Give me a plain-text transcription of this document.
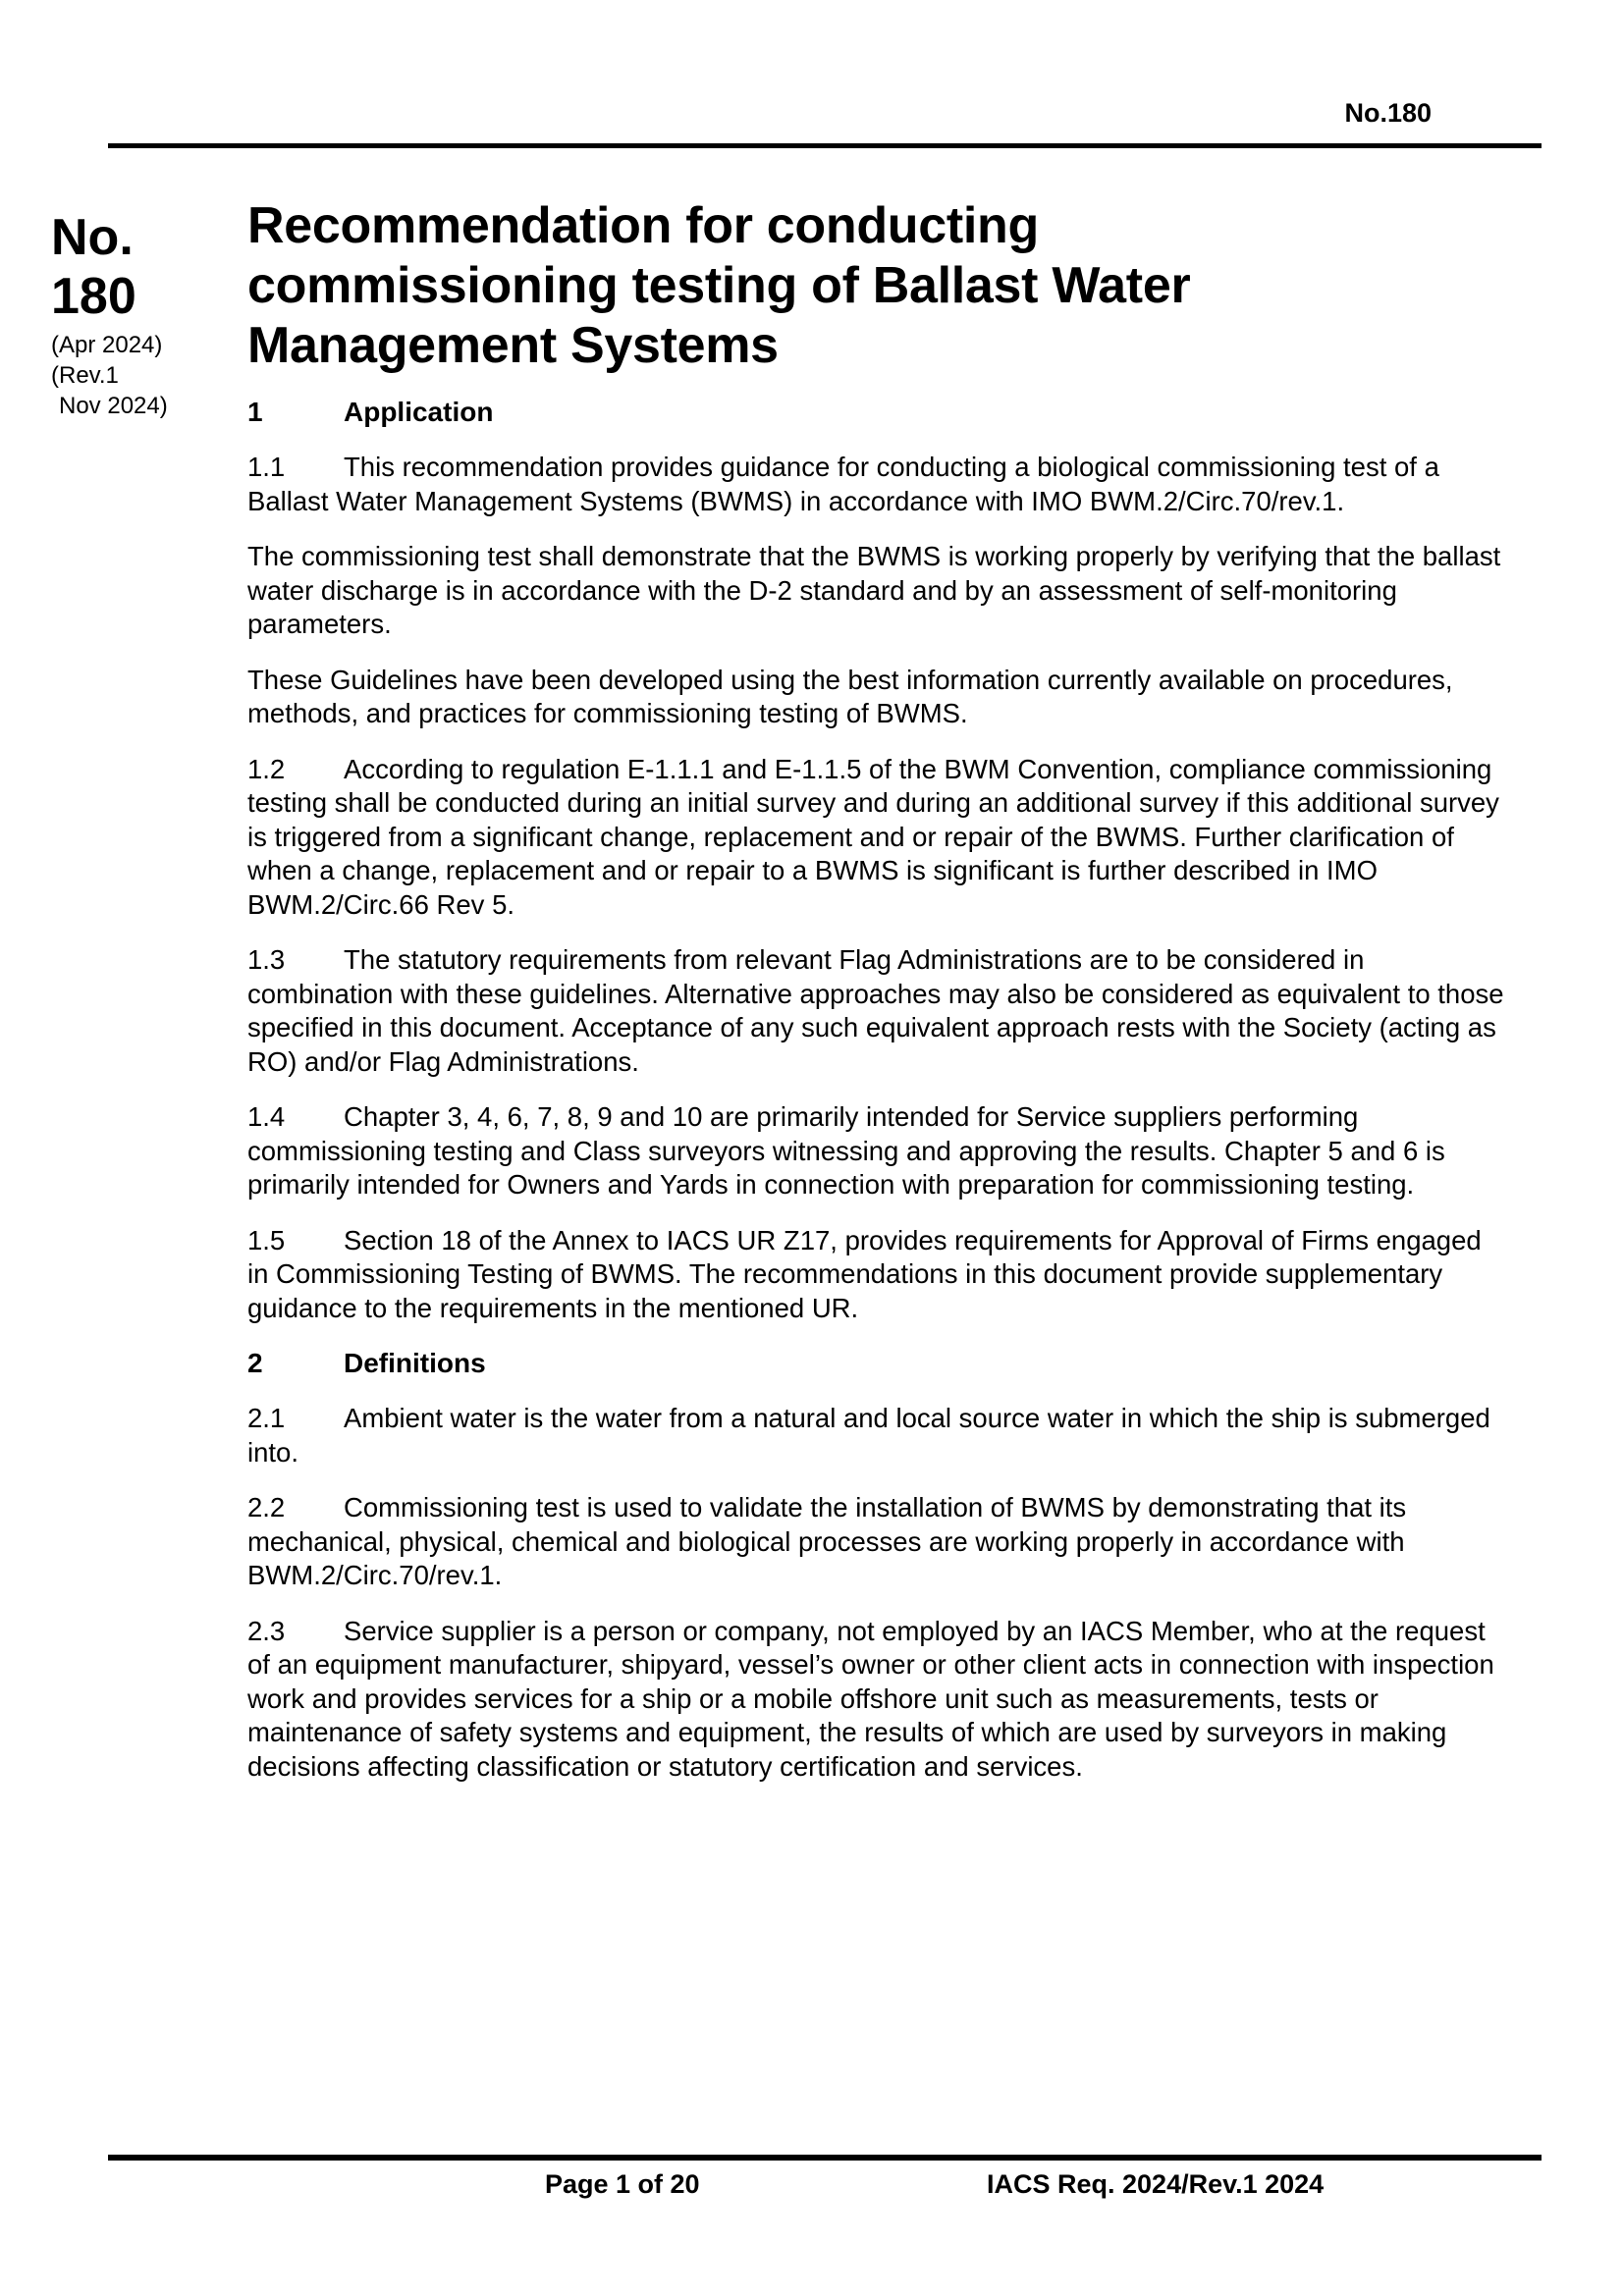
No.180
No.
180
(Apr 2024)
(Rev.1
Nov 2024)
Recommendation for conducting
commissioning testing of Ballast Water
Management Systems
1	Application

1.1 This recommendation provides guidance for conducting a biological commissioning test of a Ballast Water Management Systems (BWMS) in accordance with IMO BWM.2/Circ.70/rev.1.

The commissioning test shall demonstrate that the BWMS is working properly by verifying that the ballast water discharge is in accordance with the D-2 standard and by an assessment of self-monitoring parameters.

These Guidelines have been developed using the best information currently available on procedures, methods, and practices for commissioning testing of BWMS.

1.2 According to regulation E-1.1.1 and E-1.1.5 of the BWM Convention, compliance commissioning testing shall be conducted during an initial survey and during an additional survey if this additional survey is triggered from a significant change, replacement and or repair of the BWMS. Further clarification of when a change, replacement and or repair to a BWMS is significant is further described in IMO BWM.2/Circ.66 Rev 5.

1.3 The statutory requirements from relevant Flag Administrations are to be considered in combination with these guidelines. Alternative approaches may also be considered as equivalent to those specified in this document. Acceptance of any such equivalent approach rests with the Society (acting as RO) and/or Flag Administrations.

1.4 Chapter 3, 4, 6, 7, 8, 9 and 10 are primarily intended for Service suppliers performing commissioning testing and Class surveyors witnessing and approving the results. Chapter 5 and 6 is primarily intended for Owners and Yards in connection with preparation for commissioning testing.

1.5 Section 18 of the Annex to IACS UR Z17, provides requirements for Approval of Firms engaged in Commissioning Testing of BWMS. The recommendations in this document provide supplementary guidance to the requirements in the mentioned UR.

2	Definitions

2.1 Ambient water is the water from a natural and local source water in which the ship is submerged into.

2.2 Commissioning test is used to validate the installation of BWMS by demonstrating that its mechanical, physical, chemical and biological processes are working properly in accordance with BWM.2/Circ.70/rev.1.

2.3 Service supplier is a person or company, not employed by an IACS Member, who at the request of an equipment manufacturer, shipyard, vessel’s owner or other client acts in connection with inspection work and provides services for a ship or a mobile offshore unit such as measurements, tests or maintenance of safety systems and equipment, the results of which are used by surveyors in making decisions affecting classification or statutory certification and services.

Page 1 of 20	IACS Req. 2024/Rev.1 2024
